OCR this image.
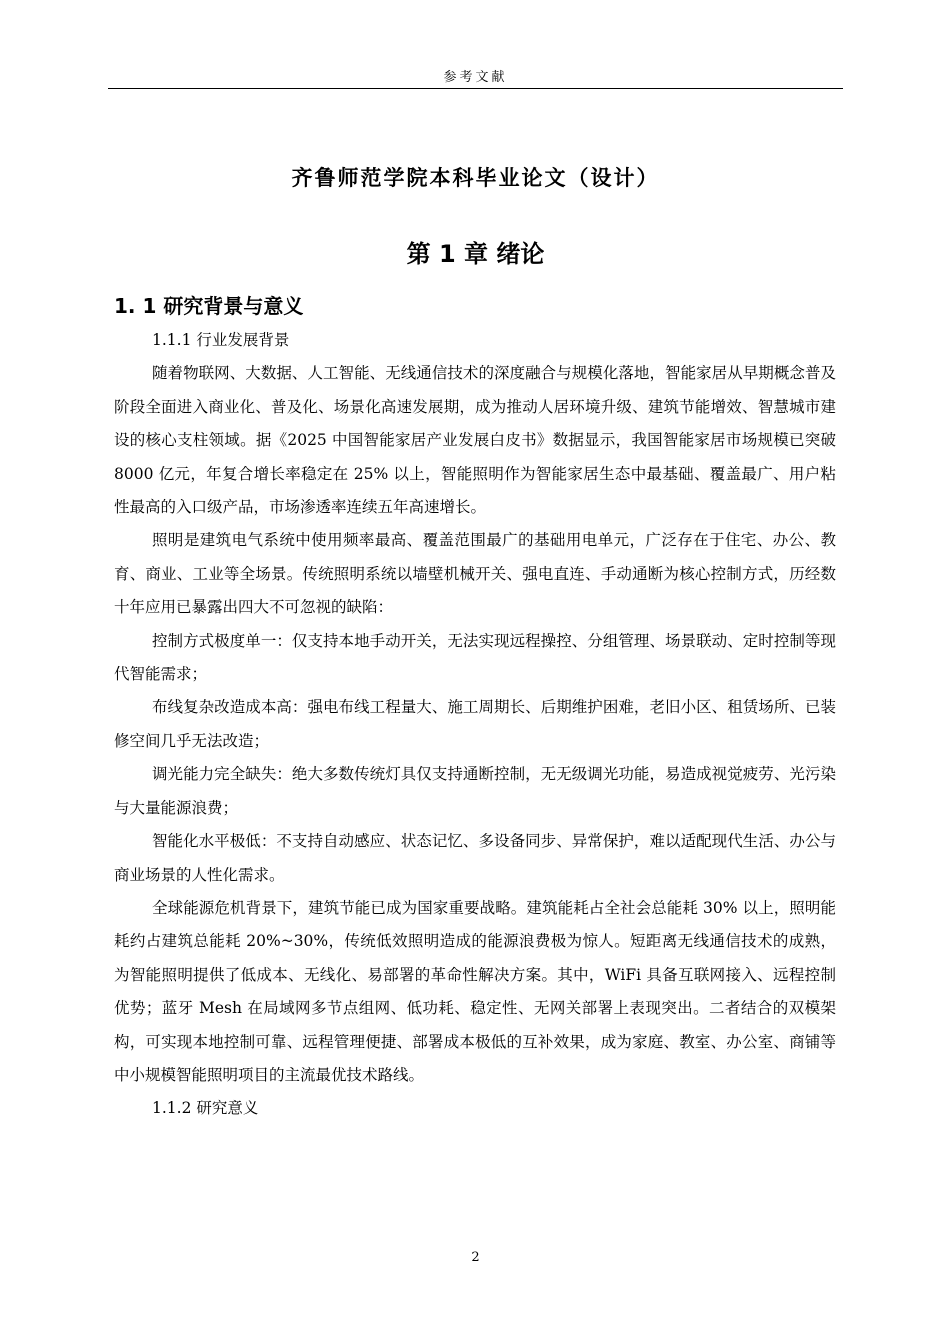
参考文献
齐鲁师范学院本科毕业论文（设计）
第 1 章 绪论
1. 1 研究背景与意义

1.1.1 行业发展背景

随着物联网、大数据、人工智能、无线通信技术的深度融合与规模化落地，智能家居从早期概念普及阶段全面进入商业化、普及化、场景化高速发展期，成为推动人居环境升级、建筑节能增效、智慧城市建设的核心支柱领域。据《2025 中国智能家居产业发展白皮书》数据显示，我国智能家居市场规模已突破 8000 亿元，年复合增长率稳定在 25% 以上，智能照明作为智能家居生态中最基础、覆盖最广、用户粘性最高的入口级产品，市场渗透率连续五年高速增长。

照明是建筑电气系统中使用频率最高、覆盖范围最广的基础用电单元，广泛存在于住宅、办公、教育、商业、工业等全场景。传统照明系统以墙壁机械开关、强电直连、手动通断为核心控制方式，历经数十年应用已暴露出四大不可忽视的缺陷：

控制方式极度单一：仅支持本地手动开关，无法实现远程操控、分组管理、场景联动、定时控制等现代智能需求；

布线复杂改造成本高：强电布线工程量大、施工周期长、后期维护困难，老旧小区、租赁场所、已装修空间几乎无法改造；

调光能力完全缺失：绝大多数传统灯具仅支持通断控制，无无级调光功能，易造成视觉疲劳、光污染与大量能源浪费；

智能化水平极低：不支持自动感应、状态记忆、多设备同步、异常保护，难以适配现代生活、办公与商业场景的人性化需求。

全球能源危机背景下，建筑节能已成为国家重要战略。建筑能耗占全社会总能耗 30% 以上，照明能耗约占建筑总能耗 20%~30%，传统低效照明造成的能源浪费极为惊人。短距离无线通信技术的成熟，为智能照明提供了低成本、无线化、易部署的革命性解决方案。其中，WiFi 具备互联网接入、远程控制优势；蓝牙 Mesh 在局域网多节点组网、低功耗、稳定性、无网关部署上表现突出。二者结合的双模架构，可实现本地控制可靠、远程管理便捷、部署成本极低的互补效果，成为家庭、教室、办公室、商铺等中小规模智能照明项目的主流最优技术路线。

1.1.2 研究意义

2
